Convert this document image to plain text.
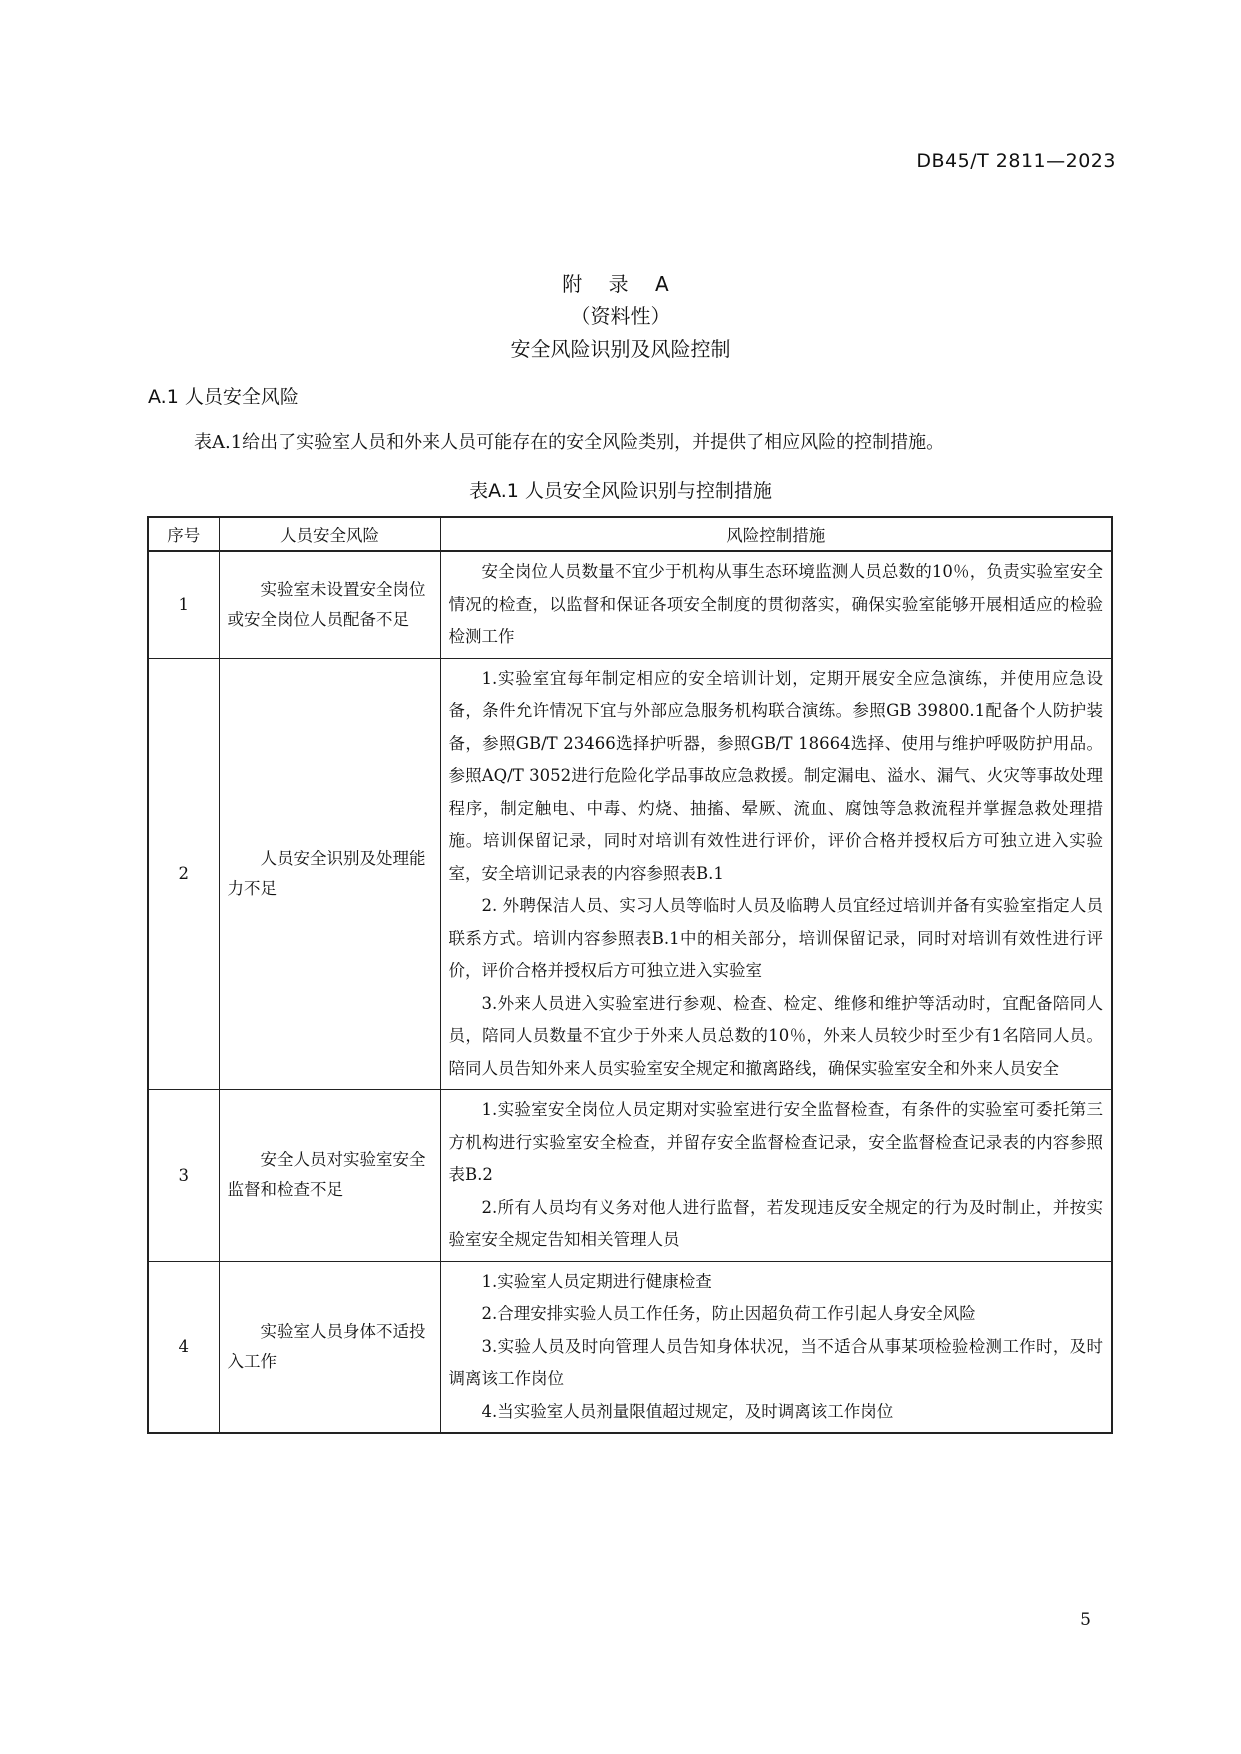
DB45/T 2811—2023
附 录 A
（资料性）
安全风险识别及风险控制
A.1 人员安全风险
表A.1给出了实验室人员和外来人员可能存在的安全风险类别，并提供了相应风险的控制措施。
表A.1 人员安全风险识别与控制措施
序号	人员安全风险	风险控制措施
1	实验室未设置安全岗位或安全岗位人员配备不足	安全岗位人员数量不宜少于机构从事生态环境监测人员总数的10％，负责实验室安全情况的检查，以监督和保证各项安全制度的贯彻落实，确保实验室能够开展相适应的检验检测工作

2	人员安全识别及处理能力不足	1.实验室宜每年制定相应的安全培训计划，定期开展安全应急演练，并使用应急设备，条件允许情况下宜与外部应急服务机构联合演练。参照GB 39800.1配备个人防护装备，参照GB/T 23466选择护听器，参照GB/T 18664选择、使用与维护呼吸防护用品。参照AQ/T 3052进行危险化学品事故应急救援。制定漏电、溢水、漏气、火灾等事故处理程序，制定触电、中毒、灼烧、抽搐、晕厥、流血、腐蚀等急救流程并掌握急救处理措施。培训保留记录，同时对培训有效性进行评价，评价合格并授权后方可独立进入实验室，安全培训记录表的内容参照表B.1
2. 外聘保洁人员、实习人员等临时人员及临聘人员宜经过培训并备有实验室指定人员联系方式。培训内容参照表B.1中的相关部分，培训保留记录，同时对培训有效性进行评价，评价合格并授权后方可独立进入实验室
3.外来人员进入实验室进行参观、检查、检定、维修和维护等活动时，宜配备陪同人员，陪同人员数量不宜少于外来人员总数的10％，外来人员较少时至少有1名陪同人员。陪同人员告知外来人员实验室安全规定和撤离路线，确保实验室安全和外来人员安全

3	安全人员对实验室安全监督和检查不足	1.实验室安全岗位人员定期对实验室进行安全监督检查，有条件的实验室可委托第三方机构进行实验室安全检查，并留存安全监督检查记录，安全监督检查记录表的内容参照表B.2
2.所有人员均有义务对他人进行监督，若发现违反安全规定的行为及时制止，并按实验室安全规定告知相关管理人员

4	实验室人员身体不适投入工作	1.实验室人员定期进行健康检查
2.合理安排实验人员工作任务，防止因超负荷工作引起人身安全风险
3.实验人员及时向管理人员告知身体状况，当不适合从事某项检验检测工作时，及时调离该工作岗位
4.当实验室人员剂量限值超过规定，及时调离该工作岗位
5
